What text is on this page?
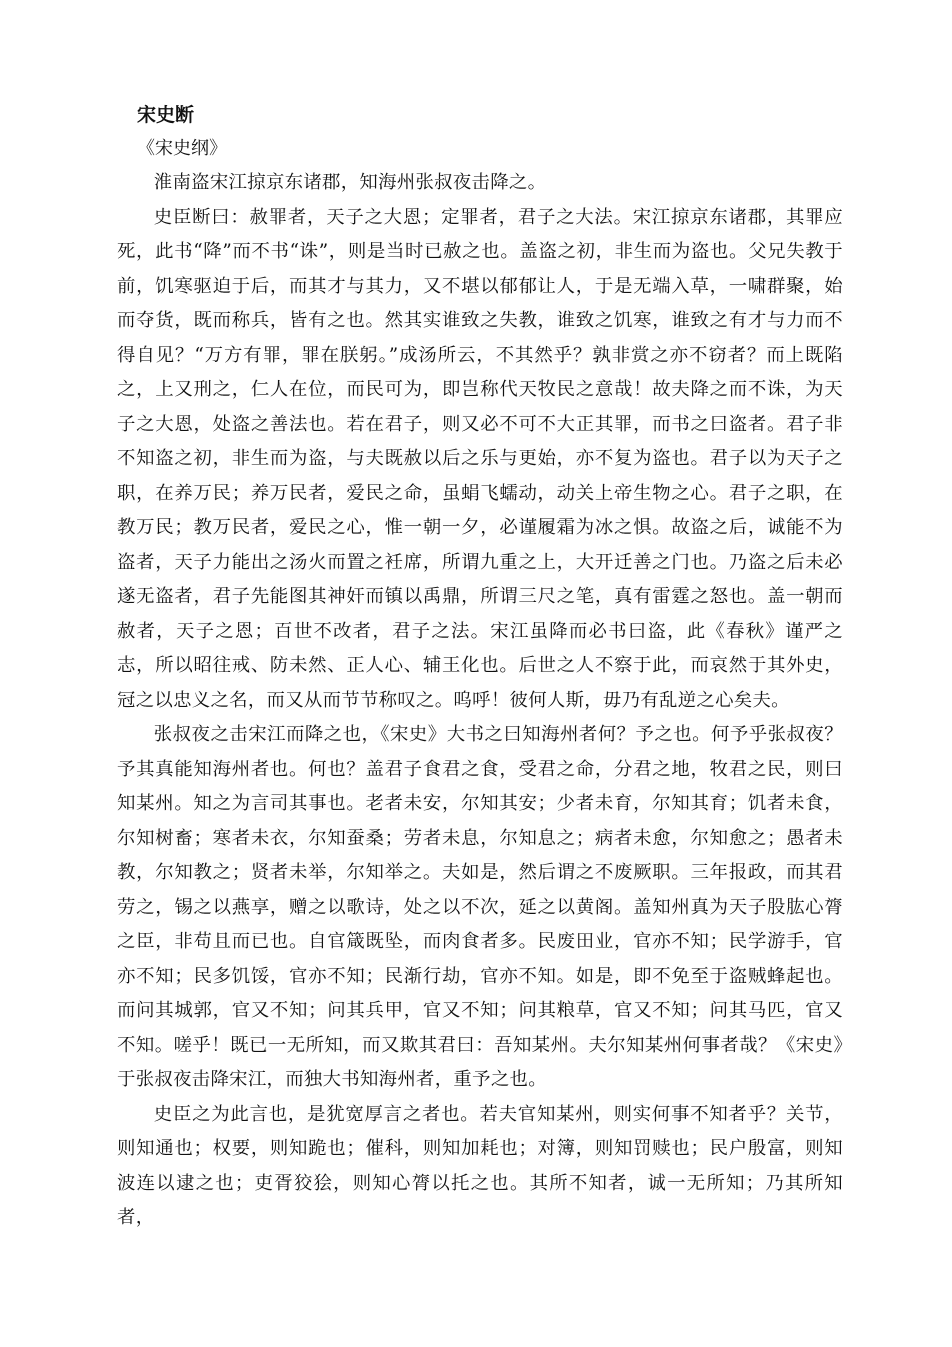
宋史断

《宋史纲》

淮南盗宋江掠京东诸郡，知海州张叔夜击降之。

史臣断曰：赦罪者，天子之大恩；定罪者，君子之大法。宋江掠京东诸郡，其罪应死，此书“降”而不书“诛”，则是当时已赦之也。盖盗之初，非生而为盗也。父兄失教于前，饥寒驱迫于后，而其才与其力，又不堪以郁郁让人，于是无端入草，一啸群聚，始而夺货，既而称兵，皆有之也。然其实谁致之失教，谁致之饥寒，谁致之有才与力而不得自见？“万方有罪，罪在朕躬。”成汤所云，不其然乎？孰非赏之亦不窃者？而上既陷之，上又刑之，仁人在位，而民可为，即岂称代天牧民之意哉！故夫降之而不诛，为天子之大恩，处盗之善法也。若在君子，则又必不可不大正其罪，而书之曰盗者。君子非不知盗之初，非生而为盗，与夫既赦以后之乐与更始，亦不复为盗也。君子以为天子之职，在养万民；养万民者，爱民之命，虽蜎飞蠕动，动关上帝生物之心。君子之职，在教万民；教万民者，爱民之心，惟一朝一夕，必谨履霜为冰之惧。故盗之后，诚能不为盗者，天子力能出之汤火而置之衽席，所谓九重之上，大开迁善之门也。乃盗之后未必遂无盗者，君子先能图其神奸而镇以禹鼎，所谓三尺之笔，真有雷霆之怒也。盖一朝而赦者，天子之恩；百世不改者，君子之法。宋江虽降而必书曰盗，此《春秋》谨严之志，所以昭往戒、防未然、正人心、辅王化也。后世之人不察于此，而哀然于其外史，冠之以忠义之名，而又从而节节称叹之。呜呼！彼何人斯，毋乃有乱逆之心矣夫。

张叔夜之击宋江而降之也，《宋史》大书之曰知海州者何？予之也。何予乎张叔夜？予其真能知海州者也。何也？盖君子食君之食，受君之命，分君之地，牧君之民，则曰知某州。知之为言司其事也。老者未安，尔知其安；少者未育，尔知其育；饥者未食，尔知树畜；寒者未衣，尔知蚕桑；劳者未息，尔知息之；病者未愈，尔知愈之；愚者未教，尔知教之；贤者未举，尔知举之。夫如是，然后谓之不废厥职。三年报政，而其君劳之，锡之以燕享，赠之以歌诗，处之以不次，延之以黄阁。盖知州真为天子股肱心膂之臣，非苟且而已也。自官箴既坠，而肉食者多。民废田业，官亦不知；民学游手，官亦不知；民多饥馁，官亦不知；民渐行劫，官亦不知。如是，即不免至于盗贼蜂起也。而问其城郭，官又不知；问其兵甲，官又不知；问其粮草，官又不知；问其马匹，官又不知。嗟乎！既已一无所知，而又欺其君曰：吾知某州。夫尔知某州何事者哉？《宋史》于张叔夜击降宋江，而独大书知海州者，重予之也。

史臣之为此言也，是犹宽厚言之者也。若夫官知某州，则实何事不知者乎？关节，则知通也；权要，则知跪也；催科，则知加耗也；对簿，则知罚赎也；民户殷富，则知波连以逮之也；吏胥狡狯，则知心膂以托之也。其所不知者，诚一无所知；乃其所知者，
